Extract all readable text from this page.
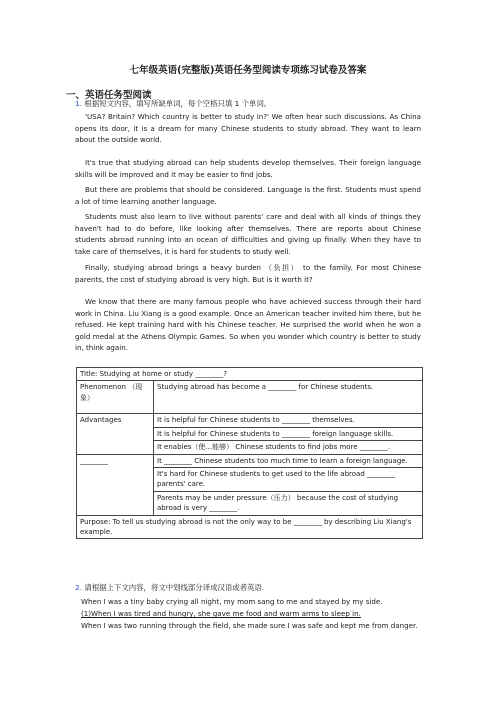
七年级英语(完整版)英语任务型阅读专项练习试卷及答案
一、英语任务型阅读
1. 根据短文内容，填写所缺单词，每个空格只填 1 个单词。
'USA? Britain? Which country is better to study in?' We often hear such discussions. As China opens its door, it is a dream for many Chinese students to study abroad. They want to learn about the outside world.
It's true that studying abroad can help students develop themselves. Their foreign language skills will be improved and it may be easier to find jobs.
But there are problems that should be considered. Language is the first. Students must spend a lot of time learning another language.
Students must also learn to live without parents' care and deal with all kinds of things they haven't had to do before, like looking after themselves. There are reports about Chinese students abroad running into an ocean of difficulties and giving up finally. When they have to take care of themselves, it is hard for students to study well.
Finally, studying abroad brings a heavy burden （负担） to the family. For most Chinese parents, the cost of studying abroad is very high. But is it worth it?
We know that there are many famous people who have achieved success through their hard work in China. Liu Xiang is a good example. Once an American teacher invited him there, but he refused. He kept training hard with his Chinese teacher. He surprised the world when he won a gold medal at the Athens Olympic Games. So when you wonder which country is better to study in, think again.
Title: Studying at home or study ________?	
Phenomenon （现象）	Studying abroad has become a ________ for Chinese students.
Advantages	It is helpful for Chinese students to ________ themselves.
	It is helpful for Chinese students to ________ foreign language skills.
	It enables（使...能够） Chinese students to find jobs more ________.
________	It ________ Chinese students too much time to learn a foreign language.
	It's hard for Chinese students to get used to the life abroad ________ parents' care.
	Parents may be under pressure（压力） because the cost of studying abroad is very ________.
Purpose: To tell us studying abroad is not the only way to be ________ by describing Liu Xiang's example.	
2. 请根据上下文内容，将文中划线部分译成汉语或者英语.
When I was a tiny baby crying all night, my mom sang to me and stayed by my side.
(1)When I was tired and hungry, she gave me food and warm arms to sleep in.
When I was two running through the field, she made sure I was safe and kept me from danger.
